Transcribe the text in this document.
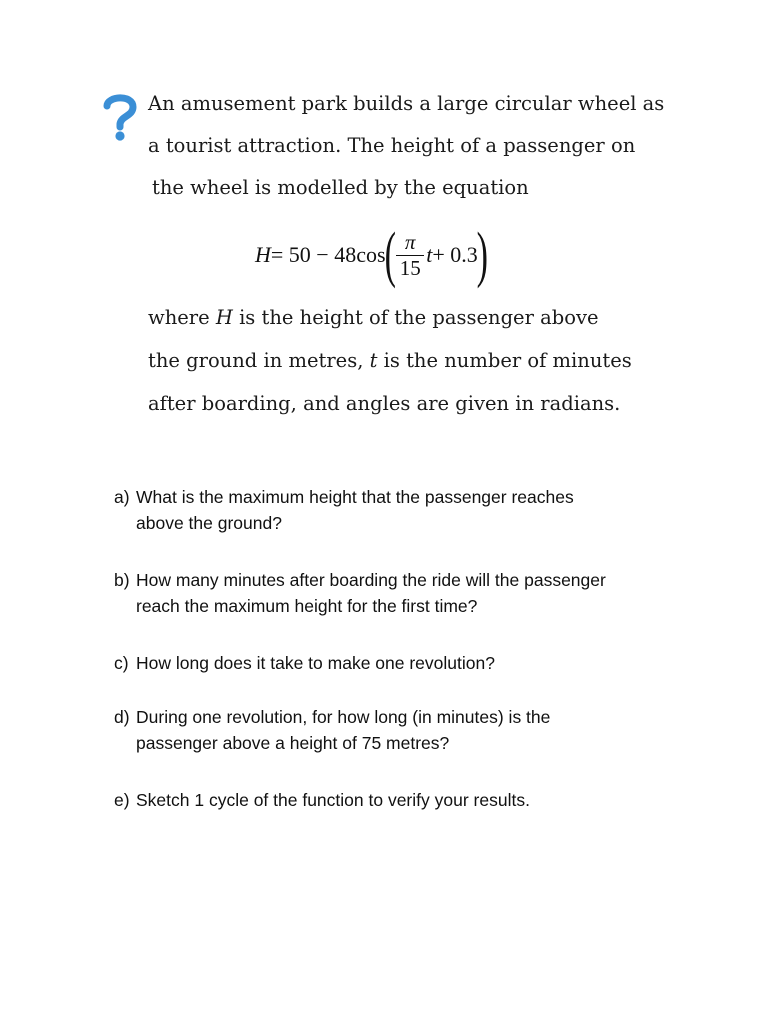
An amusement park builds a large circular wheel as
a tourist attraction. The height of a passenger on
the wheel is modelled by the equation
where H is the height of the passenger above
the ground in metres, t is the number of minutes
after boarding, and angles are given in radians.
H = 50 − 48cos
( $\frac{\pi}{15}$ t + 0.3
)
a) What is the maximum height that the passenger reaches
above the ground?
b) How many minutes after boarding the ride will the passenger
reach the maximum height for the first time?
c) How long does it take to make one revolution?
d) During one revolution, for how long (in minutes) is the
passenger above a height of 75 metres?
e) Sketch 1 cycle of the function to verify your results.
